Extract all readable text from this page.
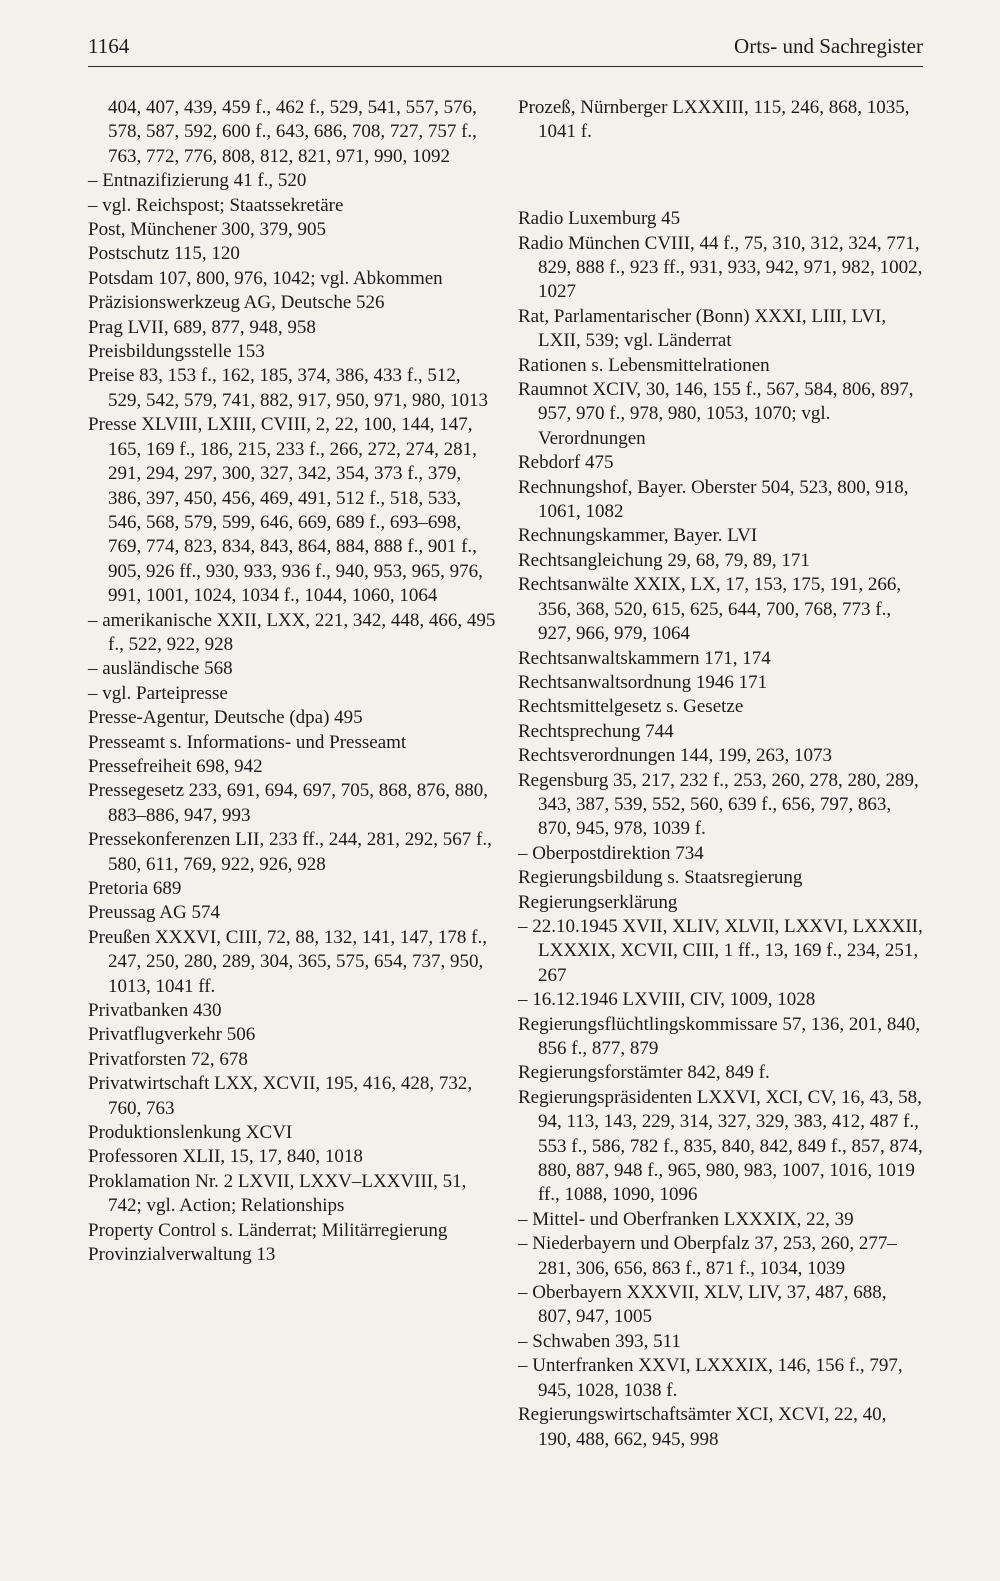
1164	Orts- und Sachregister

404, 407, 439, 459 f., 462 f., 529, 541, 557, 576, 578, 587, 592, 600 f., 643, 686, 708, 727, 757 f., 763, 772, 776, 808, 812, 821, 971, 990, 1092

– Entnazifizierung 41 f., 520

– vgl. Reichspost; Staatssekretäre

Post, Münchener 300, 379, 905

Postschutz 115, 120

Potsdam 107, 800, 976, 1042; vgl. Abkommen

Präzisionswerkzeug AG, Deutsche 526

Prag LVII, 689, 877, 948, 958

Preisbildungsstelle 153

Preise 83, 153 f., 162, 185, 374, 386, 433 f., 512, 529, 542, 579, 741, 882, 917, 950, 971, 980, 1013

Presse XLVIII, LXIII, CVIII, 2, 22, 100, 144, 147, 165, 169 f., 186, 215, 233 f., 266, 272, 274, 281, 291, 294, 297, 300, 327, 342, 354, 373 f., 379, 386, 397, 450, 456, 469, 491, 512 f., 518, 533, 546, 568, 579, 599, 646, 669, 689 f., 693–698, 769, 774, 823, 834, 843, 864, 884, 888 f., 901 f., 905, 926 ff., 930, 933, 936 f., 940, 953, 965, 976, 991, 1001, 1024, 1034 f., 1044, 1060, 1064

– amerikanische XXII, LXX, 221, 342, 448, 466, 495 f., 522, 922, 928

– ausländische 568

– vgl. Parteipresse

Presse-Agentur, Deutsche (dpa) 495

Presseamt s. Informations- und Presseamt

Pressefreiheit 698, 942

Pressegesetz 233, 691, 694, 697, 705, 868, 876, 880, 883–886, 947, 993

Pressekonferenzen LII, 233 ff., 244, 281, 292, 567 f., 580, 611, 769, 922, 926, 928

Pretoria 689

Preussag AG 574

Preußen XXXVI, CIII, 72, 88, 132, 141, 147, 178 f., 247, 250, 280, 289, 304, 365, 575, 654, 737, 950, 1013, 1041 ff.

Privatbanken 430

Privatflugverkehr 506

Privatforsten 72, 678

Privatwirtschaft LXX, XCVII, 195, 416, 428, 732, 760, 763

Produktionslenkung XCVI

Professoren XLII, 15, 17, 840, 1018

Proklamation Nr. 2 LXVII, LXXV–LXXVIII, 51, 742; vgl. Action; Relationships

Property Control s. Länderrat; Militärregierung

Provinzialverwaltung 13

Prozeß, Nürnberger LXXXIII, 115, 246, 868, 1035, 1041 f.

Radio Luxemburg 45

Radio München CVIII, 44 f., 75, 310, 312, 324, 771, 829, 888 f., 923 ff., 931, 933, 942, 971, 982, 1002, 1027

Rat, Parlamentarischer (Bonn) XXXI, LIII, LVI, LXII, 539; vgl. Länderrat

Rationen s. Lebensmittelrationen

Raumnot XCIV, 30, 146, 155 f., 567, 584, 806, 897, 957, 970 f., 978, 980, 1053, 1070; vgl. Verordnungen

Rebdorf 475

Rechnungshof, Bayer. Oberster 504, 523, 800, 918, 1061, 1082

Rechnungskammer, Bayer. LVI

Rechtsangleichung 29, 68, 79, 89, 171

Rechtsanwälte XXIX, LX, 17, 153, 175, 191, 266, 356, 368, 520, 615, 625, 644, 700, 768, 773 f., 927, 966, 979, 1064

Rechtsanwaltskammern 171, 174

Rechtsanwaltsordnung 1946 171

Rechtsmittelgesetz s. Gesetze

Rechtsprechung 744

Rechtsverordnungen 144, 199, 263, 1073

Regensburg 35, 217, 232 f., 253, 260, 278, 280, 289, 343, 387, 539, 552, 560, 639 f., 656, 797, 863, 870, 945, 978, 1039 f.

– Oberpostdirektion 734

Regierungsbildung s. Staatsregierung

Regierungserklärung

– 22.10.1945 XVII, XLIV, XLVII, LXXVI, LXXXII, LXXXIX, XCVII, CIII, 1 ff., 13, 169 f., 234, 251, 267

– 16.12.1946 LXVIII, CIV, 1009, 1028

Regierungsflüchtlingskommissare 57, 136, 201, 840, 856 f., 877, 879

Regierungsforstämter 842, 849 f.

Regierungspräsidenten LXXVI, XCI, CV, 16, 43, 58, 94, 113, 143, 229, 314, 327, 329, 383, 412, 487 f., 553 f., 586, 782 f., 835, 840, 842, 849 f., 857, 874, 880, 887, 948 f., 965, 980, 983, 1007, 1016, 1019 ff., 1088, 1090, 1096

– Mittel- und Oberfranken LXXXIX, 22, 39

– Niederbayern und Oberpfalz 37, 253, 260, 277–281, 306, 656, 863 f., 871 f., 1034, 1039

– Oberbayern XXXVII, XLV, LIV, 37, 487, 688, 807, 947, 1005

– Schwaben 393, 511

– Unterfranken XXVI, LXXXIX, 146, 156 f., 797, 945, 1028, 1038 f.

Regierungswirtschaftsämter XCI, XCVI, 22, 40, 190, 488, 662, 945, 998
